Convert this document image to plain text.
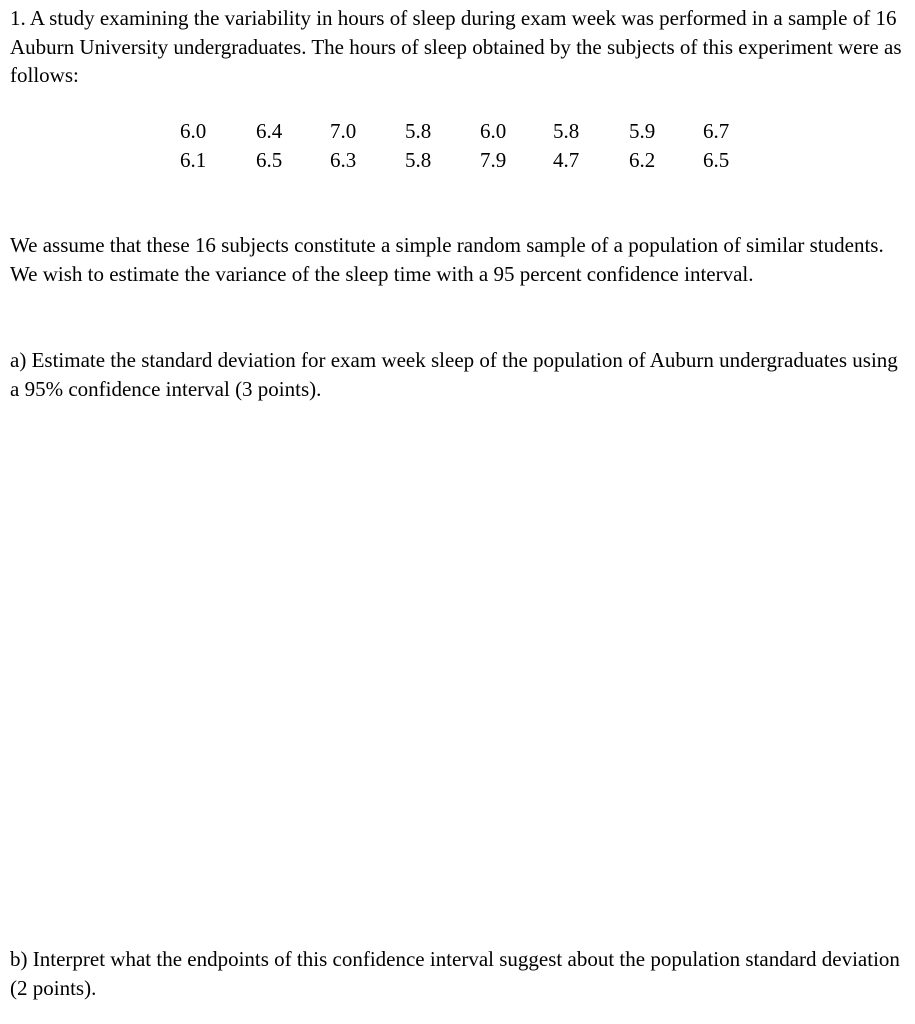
1. A study examining the variability in hours of sleep during exam week was performed in a sample of 16 Auburn University undergraduates. The hours of sleep obtained by the subjects of this experiment were as follows:

6.0 6.4 7.0 5.8 6.0 5.8 5.9 6.7
6.1 6.5 6.3 5.8 7.9 4.7 6.2 6.5

We assume that these 16 subjects constitute a simple random sample of a population of similar students. We wish to estimate the variance of the sleep time with a 95 percent confidence interval.

a) Estimate the standard deviation for exam week sleep of the population of Auburn undergraduates using a 95% confidence interval (3 points).

b) Interpret what the endpoints of this confidence interval suggest about the population standard deviation (2 points).
